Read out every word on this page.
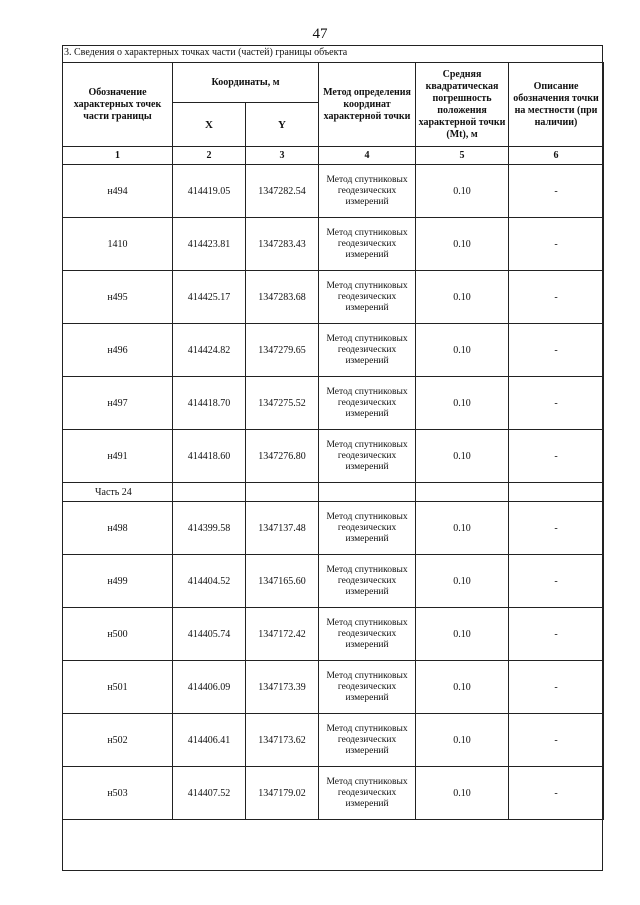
47
3. Сведения о характерных точках части (частей) границы объекта
Обозначение характерных точек части границы	Координаты, м		Метод определения координат характерной точки	Средняя квадратическая погрешность положения характерной точки (Mt), м	Описание обозначения точки на местности (при наличии)
	X	Y			
1	2	3	4	5	6
н494	414419.05	1347282.54	Метод спутниковых геодезических измерений	0.10	-
1410	414423.81	1347283.43	Метод спутниковых геодезических измерений	0.10	-
н495	414425.17	1347283.68	Метод спутниковых геодезических измерений	0.10	-
н496	414424.82	1347279.65	Метод спутниковых геодезических измерений	0.10	-
н497	414418.70	1347275.52	Метод спутниковых геодезических измерений	0.10	-
н491	414418.60	1347276.80	Метод спутниковых геодезических измерений	0.10	-
Часть 24					
н498	414399.58	1347137.48	Метод спутниковых геодезических измерений	0.10	-
н499	414404.52	1347165.60	Метод спутниковых геодезических измерений	0.10	-
н500	414405.74	1347172.42	Метод спутниковых геодезических измерений	0.10	-
н501	414406.09	1347173.39	Метод спутниковых геодезических измерений	0.10	-
н502	414406.41	1347173.62	Метод спутниковых геодезических измерений	0.10	-
н503	414407.52	1347179.02	Метод спутниковых геодезических измерений	0.10	-
